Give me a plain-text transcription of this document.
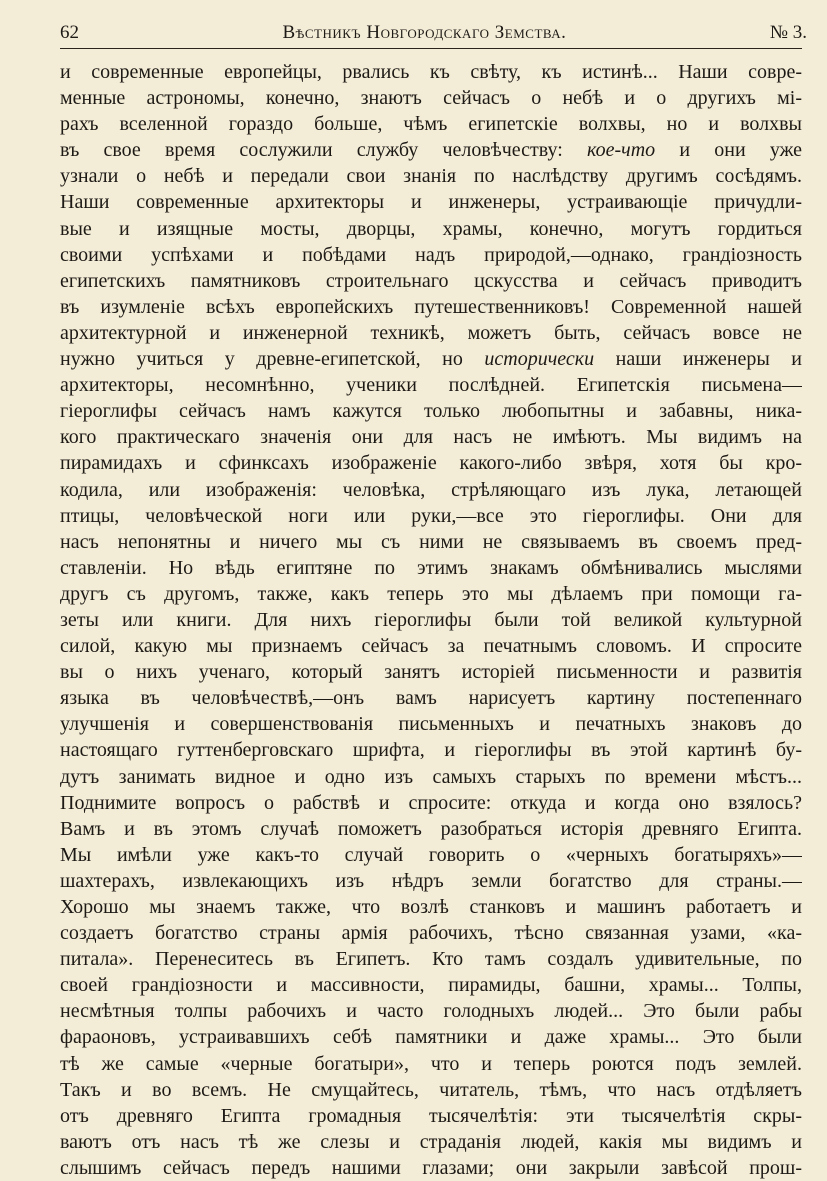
62	Вѣстникъ Новгородскаго Земства.	№ 3.
и современные европейцы, рвались къ свѣту, къ истинѣ... Наши совре-
менные астрономы, конечно, знаютъ сейчасъ о небѣ и о другихъ мі-
рахъ вселенной гораздо больше, чѣмъ египетскіе волхвы, но и волхвы
въ свое время сослужили службу человѣчеству: кое-что и они уже
узнали о небѣ и передали свои знанія по наслѣдству другимъ сосѣдямъ.
Наши современные архитекторы и инженеры, устраивающіе причудли-
вые и изящные мосты, дворцы, храмы, конечно, могутъ гордиться
своими успѣхами и побѣдами надъ природой,—однако, грандіозность
египетскихъ памятниковъ строительнаго цскусства и сейчасъ приводитъ
въ изумленіе всѣхъ европейскихъ путешественниковъ! Современной нашей
архитектурной и инженерной техникѣ, можетъ быть, сейчасъ вовсе не
нужно учиться у древне-египетской, но исторически наши инженеры и
архитекторы, несомнѣнно, ученики послѣдней. Египетскія письмена—
гіероглифы сейчасъ намъ кажутся только любопытны и забавны, ника-
кого практическаго значенія они для насъ не имѣютъ. Мы видимъ на
пирамидахъ и сфинксахъ изображеніе какого-либо звѣря, хотя бы кро-
кодила, или изображенія: человѣка, стрѣляющаго изъ лука, летающей
птицы, человѣческой ноги или руки,—все это гіероглифы. Они для
насъ непонятны и ничего мы съ ними не связываемъ въ своемъ пред-
ставленіи. Но вѣдь египтяне по этимъ знакамъ обмѣнивались мыслями
другъ съ другомъ, также, какъ теперь это мы дѣлаемъ при помощи га-
зеты или книги. Для нихъ гіероглифы были той великой культурной
силой, какую мы признаемъ сейчасъ за печатнымъ словомъ. И спросите
вы о нихъ ученаго, который занятъ исторіей письменности и развитія
языка въ человѣчествѣ,—онъ вамъ нарисуетъ картину постепеннаго
улучшенія и совершенствованія письменныхъ и печатныхъ знаковъ до
настоящаго гуттенберговскаго шрифта, и гіероглифы въ этой картинѣ бу-
дутъ занимать видное и одно изъ самыхъ старыхъ по времени мѣстъ...
Поднимите вопросъ о рабствѣ и спросите: откуда и когда оно взялось?
Вамъ и въ этомъ случаѣ поможетъ разобраться исторія древняго Египта.
Мы имѣли уже какъ-то случай говорить о «черныхъ богатыряхъ»—
шахтерахъ, извлекающихъ изъ нѣдръ земли богатство для страны.—
Хорошо мы знаемъ также, что возлѣ станковъ и машинъ работаетъ и
создаетъ богатство страны армія рабочихъ, тѣсно связанная узами, «ка-
питала». Перенеситесь въ Египетъ. Кто тамъ создалъ удивительные, по
своей грандіозности и массивности, пирамиды, башни, храмы... Толпы,
несмѣтныя толпы рабочихъ и часто голодныхъ людей... Это были рабы
фараоновъ, устраивавшихъ себѣ памятники и даже храмы... Это были
тѣ же самые «черные богатыри», что и теперь роются подъ землей.
Такъ и во всемъ. Не смущайтесь, читатель, тѣмъ, что насъ отдѣляетъ
отъ древняго Египта громадныя тысячелѣтія: эти тысячелѣтія скры-
ваютъ отъ насъ тѣ же слезы и страданія людей, какія мы видимъ и
слышимъ сейчасъ передъ нашими глазами; они закрыли завѣсой прош-
